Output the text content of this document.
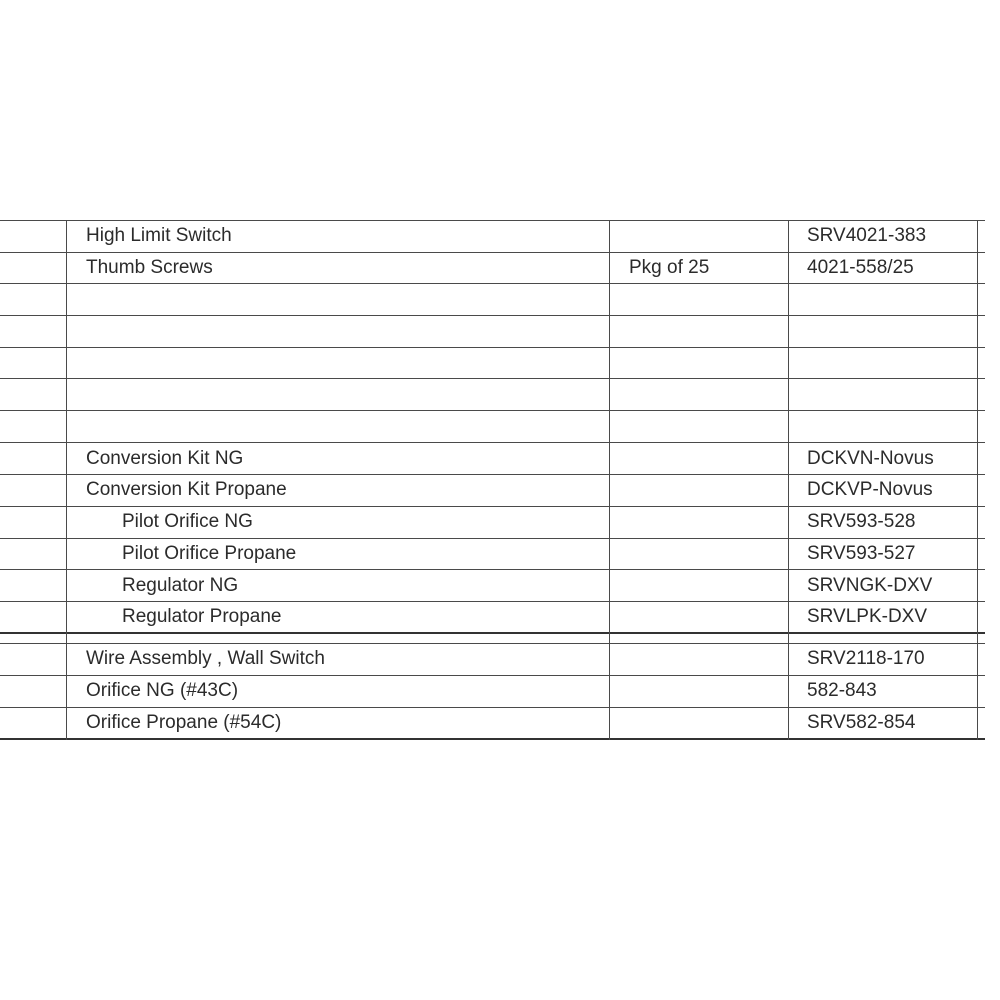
High Limit Switch	SRV4021-383
Thumb Screws	Pkg of 25	4021-558/25
Conversion Kit NG	DCKVN-Novus
Conversion Kit Propane	DCKVP-Novus
Pilot Orifice NG	SRV593-528
Pilot Orifice Propane	SRV593-527
Regulator NG	SRVNGK-DXV
Regulator Propane	SRVLPK-DXV
Wire Assembly , Wall Switch	SRV2118-170
Orifice NG (#43C)	582-843
Orifice Propane (#54C)	SRV582-854
